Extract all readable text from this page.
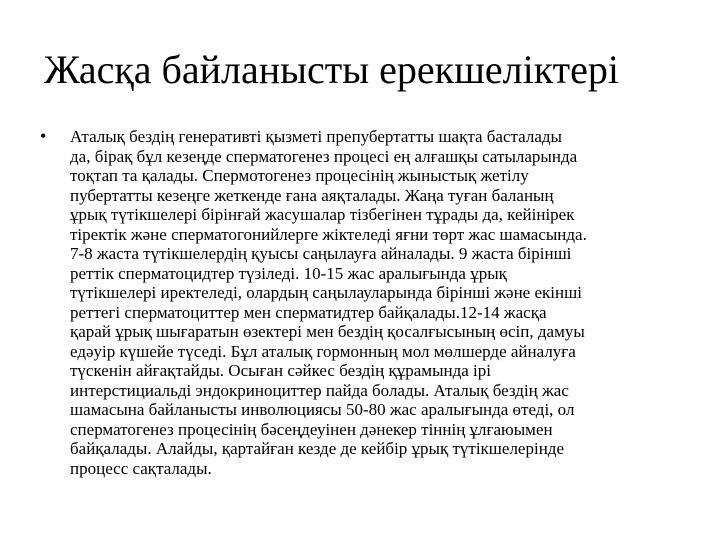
Жасқа байланысты ерекшеліктері
• Аталық бездің генеративті қызметі препубертатты шақта басталады
да, бірақ бұл кезеңде сперматогенез процесі ең алғашқы сатыларында
тоқтап та қалады. Спермотогенез процесінің жыныстық жетілу
пубертатты кезеңге жеткенде ғана аяқталады. Жаңа туған баланың
ұрық түтікшелері бірінғай жасушалар тізбегінен тұрады да, кейінірек
тіректік және сперматогонийлерге жіктеледі яғни төрт жас шамасында.
7-8 жаста түтікшелердің қуысы саңылауға айналады. 9 жаста бірінші
реттік сперматоцидтер түзіледі. 10-15 жас аралығында ұрық
түтікшелері иректеледі, олардың саңылауларында бірінші және екінші
реттегі сперматоциттер мен сперматидтер байқалады.12-14 жасқа
қарай ұрық шығаратын өзектері мен бездің қосалғысының өсіп, дамуы
едәуір күшейе түседі. Бұл аталық гормонның мол мөлшерде айналуға
түскенін айғақтайды. Осыған сәйкес бездің құрамында ірі
интерстициальді эндокриноциттер пайда болады. Аталық бездің жас
шамасына байланысты инволюциясы 50-80 жас аралығында өтеді, ол
сперматогенез процесінің бәсеңдеуінен дәнекер тіннің ұлғаюымен
байқалады. Алайды, қартайған кезде де кейбір ұрық түтікшелерінде
процесс сақталады.
